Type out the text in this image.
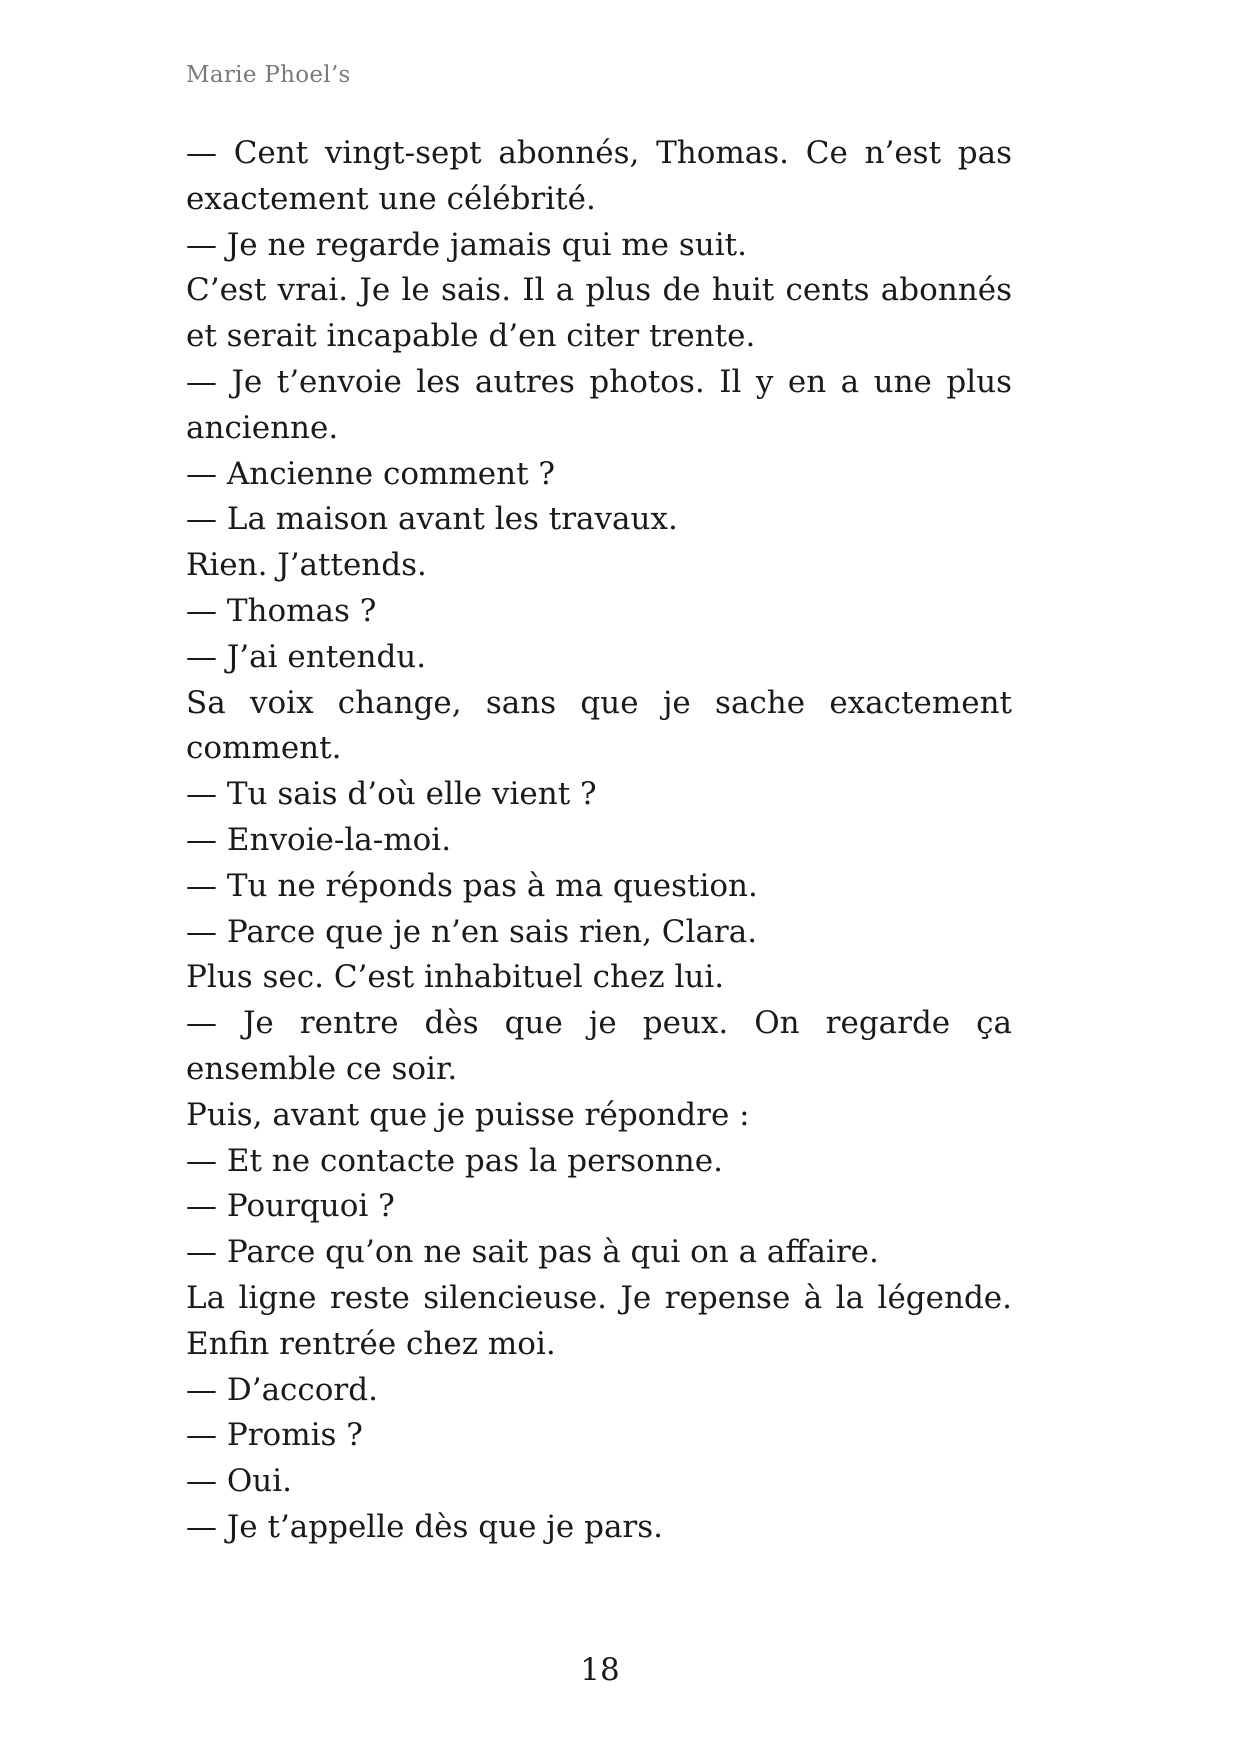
Marie Phoel’s

— Cent vingt-sept abonnés, Thomas. Ce n’est pas exactement une célébrité.

— Je ne regarde jamais qui me suit.

C’est vrai. Je le sais. Il a plus de huit cents abonnés et serait incapable d’en citer trente.

— Je t’envoie les autres photos. Il y en a une plus ancienne.

— Ancienne comment ?

— La maison avant les travaux.

Rien. J’attends.

— Thomas ?

— J’ai entendu.

Sa voix change, sans que je sache exactement comment.

— Tu sais d’où elle vient ?

— Envoie-la-moi.

— Tu ne réponds pas à ma question.

— Parce que je n’en sais rien, Clara.

Plus sec. C’est inhabituel chez lui.

— Je rentre dès que je peux. On regarde ça ensemble ce soir.

Puis, avant que je puisse répondre :

— Et ne contacte pas la personne.

— Pourquoi ?

— Parce qu’on ne sait pas à qui on a affaire.

La ligne reste silencieuse. Je repense à la légende. Enfin rentrée chez moi.

— D’accord.

— Promis ?

— Oui.

— Je t’appelle dès que je pars.

18
